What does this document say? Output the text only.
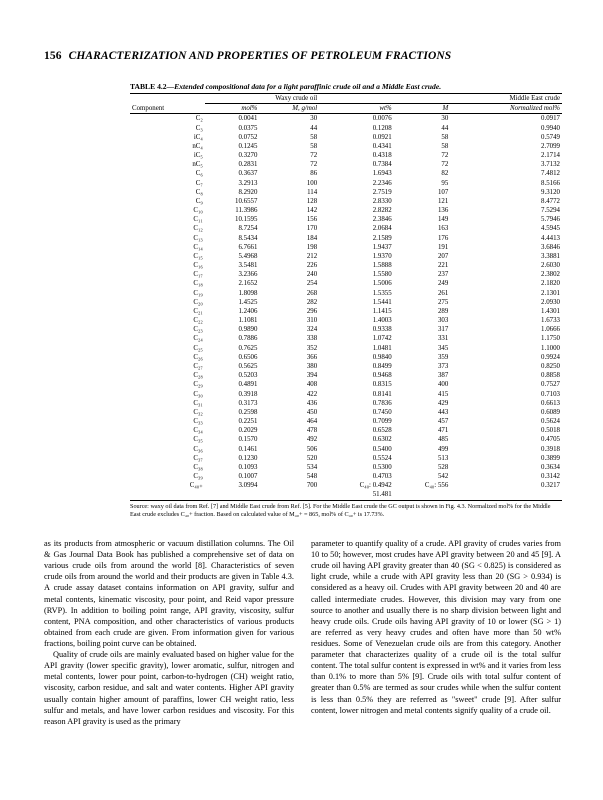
156 CHARACTERIZATION AND PROPERTIES OF PETROLEUM FRACTIONS
TABLE 4.2—Extended compositional data for a light paraffinic crude oil and a Middle East crude.
	Waxy crude oil		Middle East crude		
Component	mol%	M, g/mol	wt%	M	Normalized mol%
C₂	0.0041	30	0.0076	30	0.0917
C₃	0.0375	44	0.1208	44	0.9940
iC₄	0.0752	58	0.0921	58	0.5749
nC₄	0.1245	58	0.4341	58	2.7099
iC₅	0.3270	72	0.4318	72	2.1714
nC₅	0.2831	72	0.7384	72	3.7132
C₆	0.3637	86	1.6943	82	7.4812
C₇	3.2913	100	2.2346	95	8.5166
C₈	8.2920	114	2.7519	107	9.3120
C₉	10.6557	128	2.8330	121	8.4772
C₁₀	11.3986	142	2.8282	136	7.5294
C₁₁	10.1595	156	2.3846	149	5.7946
C₁₂	8.7254	170	2.0684	163	4.5945
C₁₃	8.5434	184	2.1589	176	4.4413
C₁₄	6.7661	198	1.9437	191	3.6846
C₁₅	5.4968	212	1.9370	207	3.3881
C₁₆	3.5481	226	1.5888	221	2.6030
C₁₇	3.2366	240	1.5580	237	2.3802
C₁₈	2.1652	254	1.5006	249	2.1820
C₁₉	1.8098	268	1.5355	261	2.1301
C₂₀	1.4525	282	1.5441	275	2.0930
C₂₁	1.2406	296	1.1415	289	1.4301
C₂₂	1.1081	310	1.4003	303	1.6733
C₂₃	0.9890	324	0.9338	317	1.0666
C₂₄	0.7886	338	1.0742	331	1.1750
C₂₅	0.7625	352	1.0481	345	1.1000
C₂₆	0.6506	366	0.9840	359	0.9924
C₂₇	0.5625	380	0.8499	373	0.8250
C₂₈	0.5203	394	0.9468	387	0.8858
C₂₉	0.4891	408	0.8315	400	0.7527
C₃₀	0.3918	422	0.8141	415	0.7103
C₃₁	0.3173	436	0.7836	429	0.6613
C₃₂	0.2598	450	0.7450	443	0.6089
C₃₃	0.2251	464	0.7099	457	0.5624
C₃₄	0.2029	478	0.6528	471	0.5018
C₃₅	0.1570	492	0.6302	485	0.4705
C₃₆	0.1461	506	0.5400	499	0.3918
C₃₇	0.1230	520	0.5524	513	0.3899
C₃₈	0.1093	534	0.5300	528	0.3634
C₃₉	0.1007	548	0.4703	542	0.3142
C₄₀₊	3.0994	700	C₄₀: 0.4942	C₄₀: 556	0.3217
			51.481		
Source: waxy oil data from Ref. [7] and Middle East crude from Ref. [5]. For the Middle East crude the GC output is shown in Fig. 4.3. Normalized mol% for the Middle East crude excludes C₄₀+ fraction. Based on calculated value of M₄₀+ = 865, mol% of C₄₀+ is 17.73%.

as its products from atmospheric or vacuum distillation columns. The Oil & Gas Journal Data Book has published a comprehensive set of data on various crude oils from around the world [8]. Characteristics of seven crude oils from around the world and their products are given in Table 4.3. A crude assay dataset contains information on API gravity, sulfur and metal contents, kinematic viscosity, pour point, and Reid vapor pressure (RVP). In addition to boiling point range, API gravity, viscosity, sulfur content, PNA composition, and other characteristics of various products obtained from each crude are given. From information given for various fractions, boiling point curve can be obtained.

Quality of crude oils are mainly evaluated based on higher value for the API gravity (lower specific gravity), lower aromatic, sulfur, nitrogen and metal contents, lower pour point, carbon-to-hydrogen (CH) weight ratio, viscosity, carbon residue, and salt and water contents. Higher API gravity usually contain higher amount of paraffins, lower CH weight ratio, less sulfur and metals, and have lower carbon residues and viscosity. For this reason API gravity is used as the primary

parameter to quantify quality of a crude. API gravity of crudes varies from 10 to 50; however, most crudes have API gravity between 20 and 45 [9]. A crude oil having API gravity greater than 40 (SG < 0.825) is considered as light crude, while a crude with API gravity less than 20 (SG > 0.934) is considered as a heavy oil. Crudes with API gravity between 20 and 40 are called intermediate crudes. However, this division may vary from one source to another and usually there is no sharp division between light and heavy crude oils. Crude oils having API gravity of 10 or lower (SG > 1) are referred as very heavy crudes and often have more than 50 wt% residues. Some of Venezuelan crude oils are from this category. Another parameter that characterizes quality of a crude oil is the total sulfur content. The total sulfur content is expressed in wt% and it varies from less than 0.1% to more than 5% [9]. Crude oils with total sulfur content of greater than 0.5% are termed as sour crudes while when the sulfur content is less than 0.5% they are referred as "sweet" crude [9]. After sulfur content, lower nitrogen and metal contents signify quality of a crude oil.
